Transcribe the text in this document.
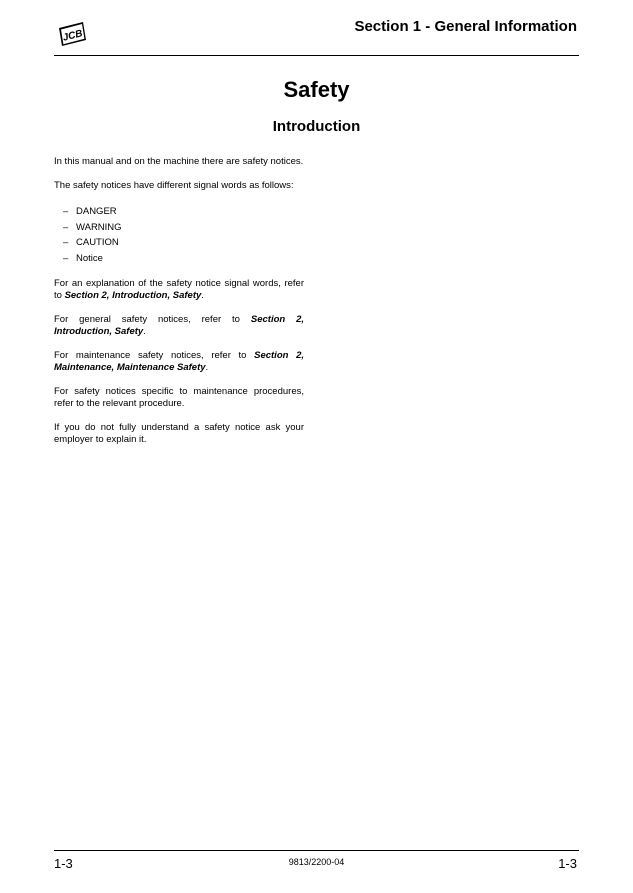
JCB
Section 1 - General Information
Safety
Introduction

In this manual and on the machine there are safety notices.

The safety notices have different signal words as follows:

– DANGER
– WARNING
– CAUTION
– Notice

For an explanation of the safety notice signal words, refer to Section 2, Introduction, Safety.

For general safety notices, refer to Section 2, Introduction, Safety.

For maintenance safety notices, refer to Section 2, Maintenance, Maintenance Safety.

For safety notices specific to maintenance procedures, refer to the relevant procedure.

If you do not fully understand a safety notice ask your employer to explain it.

1-3	9813/2200-04	1-3
